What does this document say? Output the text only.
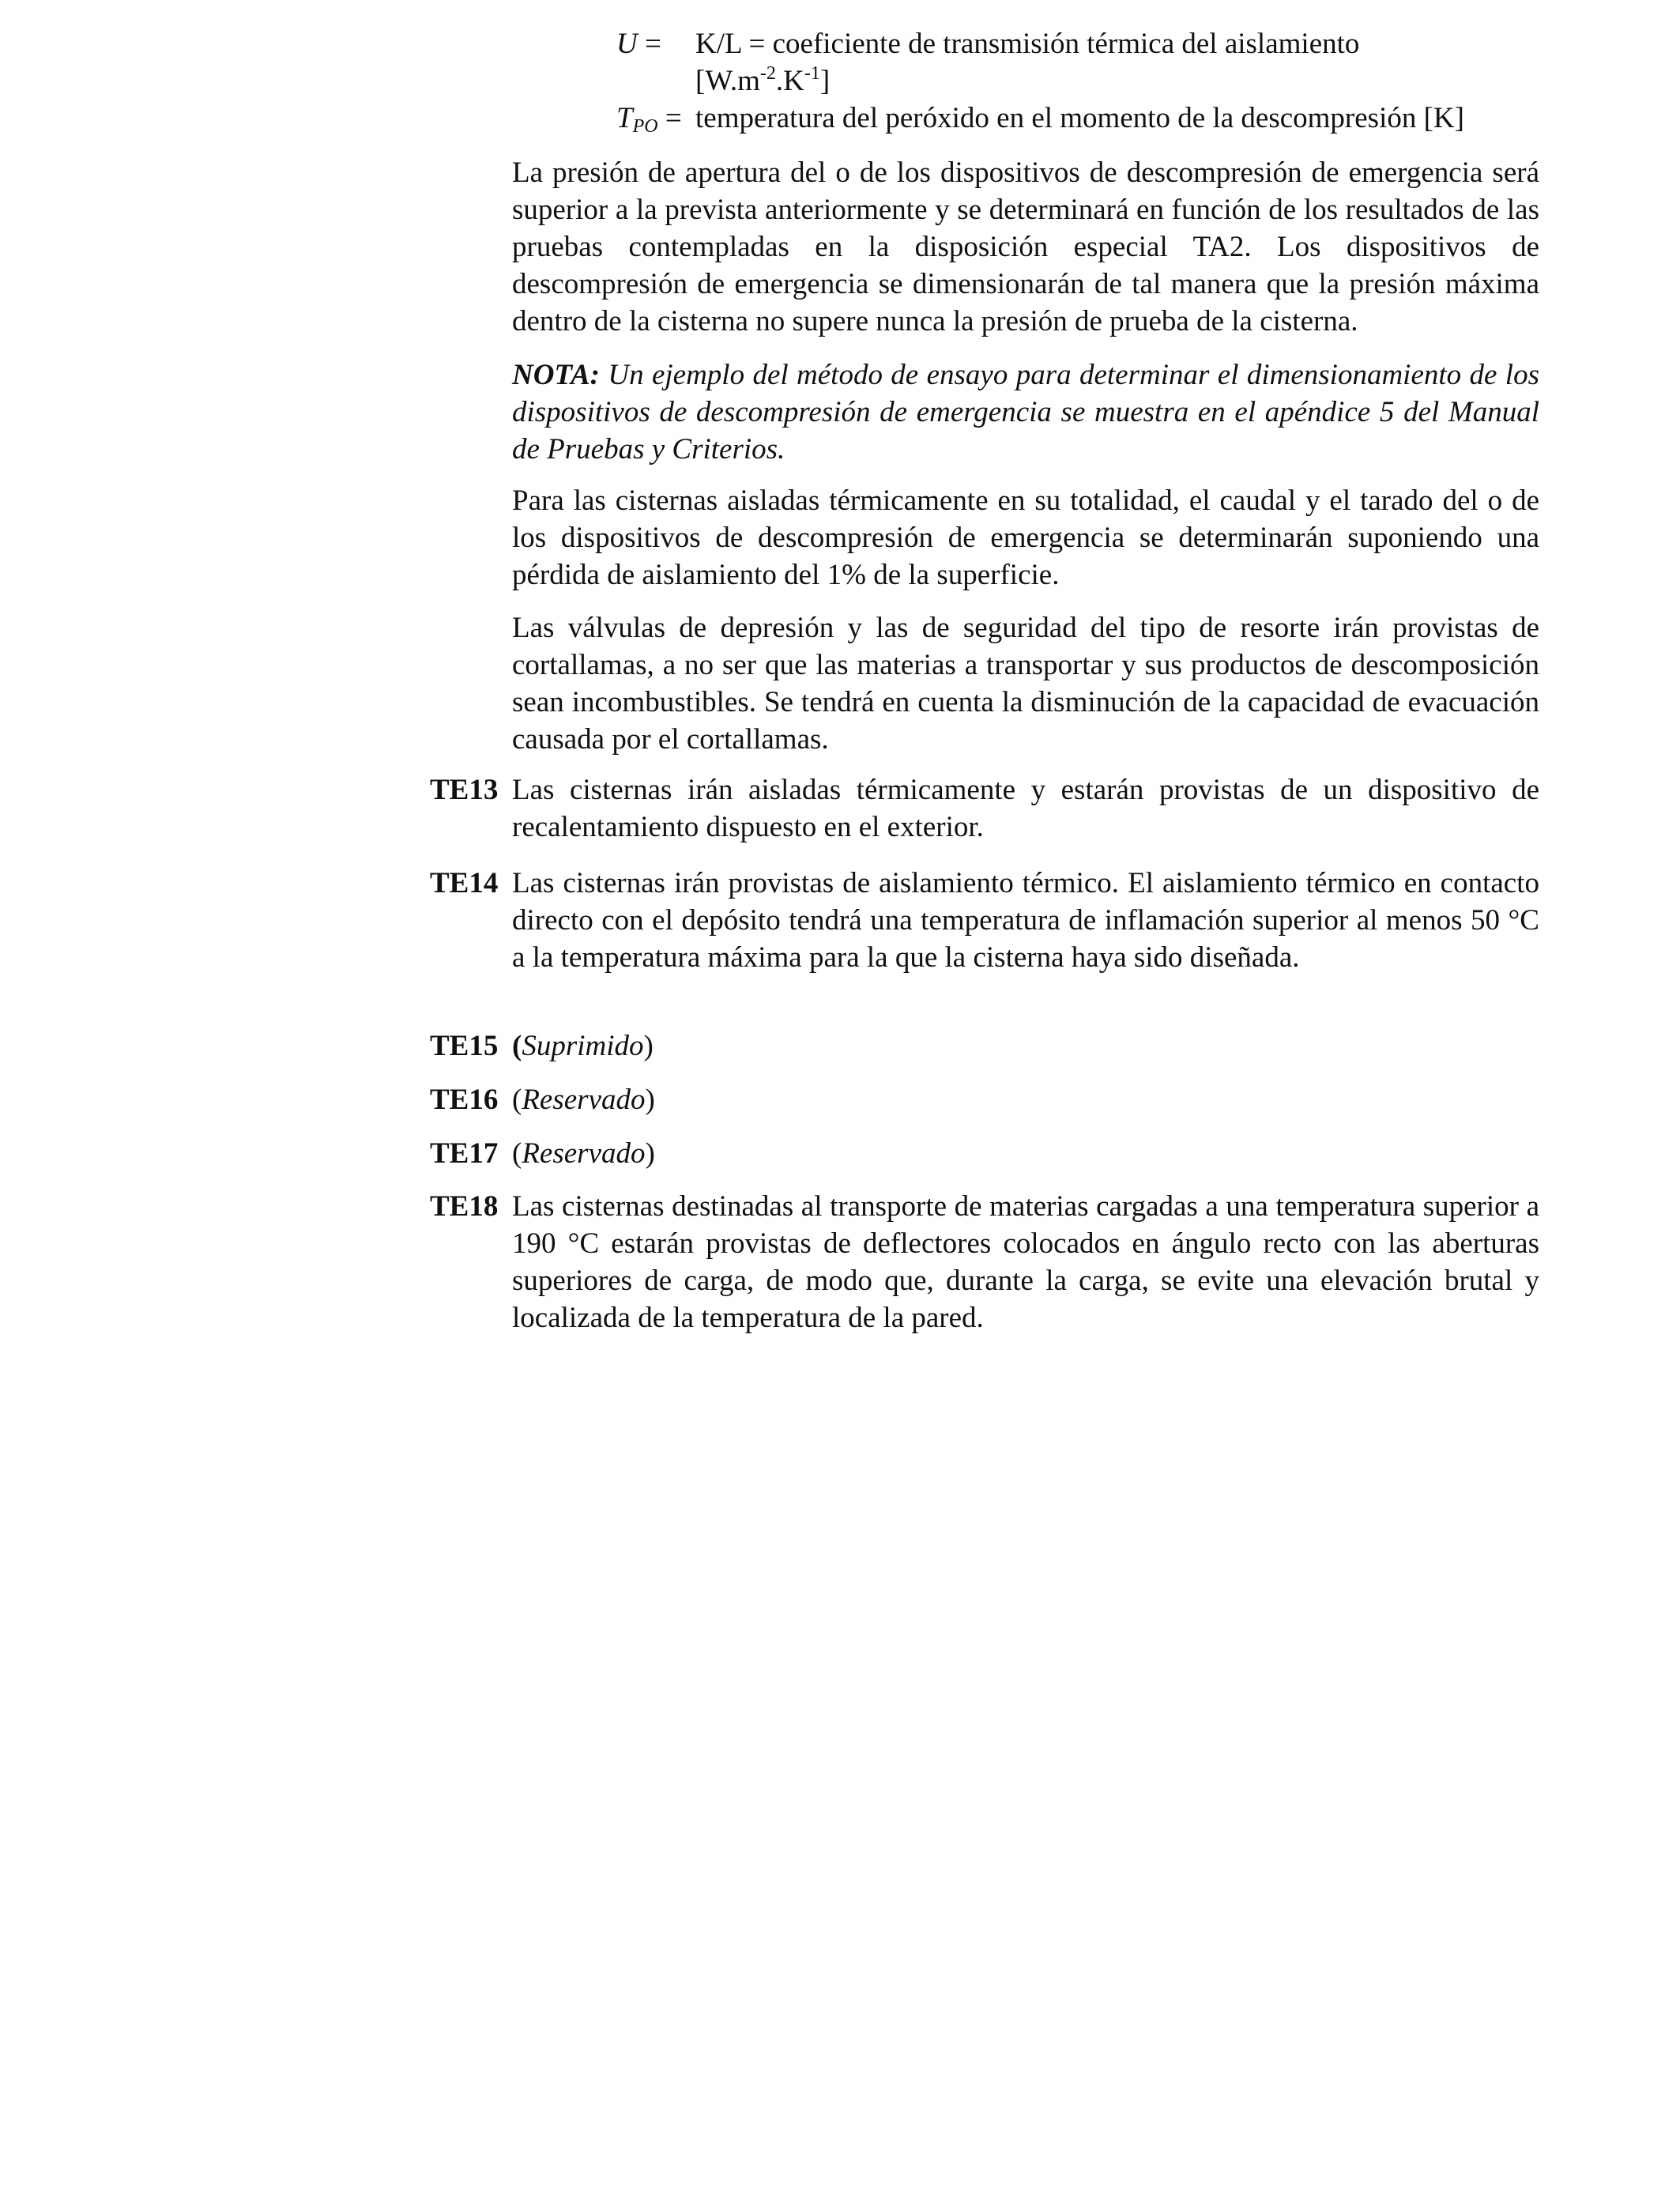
U = K/L = coeficiente de transmisión térmica del aislamiento
$[W.m^{-2}.K^{-1}]$
$T_{PO}$ = temperatura del peróxido en el momento de la descompresión [K]
La presión de apertura del o de los dispositivos de descompresión de emergencia será superior a la prevista anteriormente y se determinará en función de los resultados de las pruebas contempladas en la disposición especial TA2. Los dispositivos de descompresión de emergencia se dimensionarán de tal manera que la presión máxima dentro de la cisterna no supere nunca la presión de prueba de la cisterna.
NOTA: Un ejemplo del método de ensayo para determinar el dimensionamiento de los dispositivos de descompresión de emergencia se muestra en el apéndice 5 del Manual de Pruebas y Criterios.
Para las cisternas aisladas térmicamente en su totalidad, el caudal y el tarado del o de los dispositivos de descompresión de emergencia se determinarán suponiendo una pérdida de aislamiento del 1% de la superficie.
Las válvulas de depresión y las de seguridad del tipo de resorte irán provistas de cortallamas, a no ser que las materias a transportar y sus productos de descomposición sean incombustibles. Se tendrá en cuenta la disminución de la capacidad de evacuación causada por el cortallamas.
TE13 Las cisternas irán aisladas térmicamente y estarán provistas de un dispositivo de recalentamiento dispuesto en el exterior.
TE14 Las cisternas irán provistas de aislamiento térmico. El aislamiento térmico en contacto directo con el depósito tendrá una temperatura de inflamación superior al menos 50 °C a la temperatura máxima para la que la cisterna haya sido diseñada.
TE15 (Suprimido)
TE16 (Reservado)
TE17 (Reservado)
TE18 Las cisternas destinadas al transporte de materias cargadas a una temperatura superior a 190 °C estarán provistas de deflectores colocados en ángulo recto con las aberturas superiores de carga, de modo que, durante la carga, se evite una elevación brutal y localizada de la temperatura de la pared.
